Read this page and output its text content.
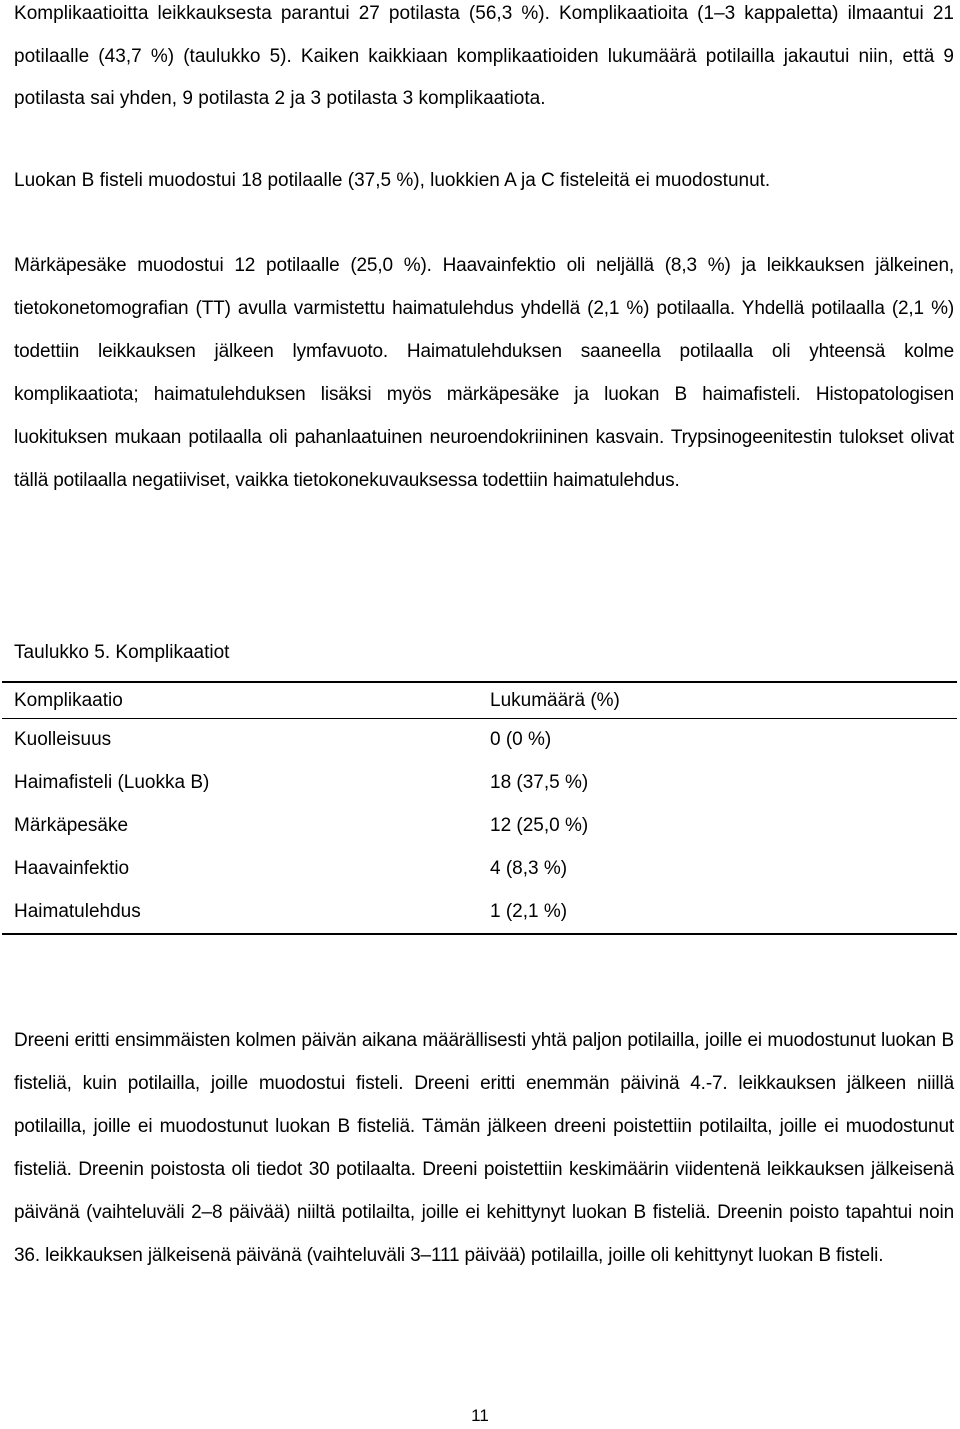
Komplikaatioitta leikkauksesta parantui 27 potilasta (56,3 %). Komplikaatioita (1–3 kappaletta) ilmaantui 21 potilaalle (43,7 %) (taulukko 5). Kaiken kaikkiaan komplikaatioiden lukumäärä potilailla jakautui niin, että 9 potilasta sai yhden, 9 potilasta 2 ja 3 potilasta 3 komplikaatiota.

Luokan B fisteli muodostui 18 potilaalle (37,5 %), luokkien A ja C fisteleitä ei muodostunut.

Märkäpesäke muodostui 12 potilaalle (25,0 %). Haavainfektio oli neljällä (8,3 %) ja leikkauksen jälkeinen, tietokonetomografian (TT) avulla varmistettu haimatulehdus yhdellä (2,1 %) potilaalla. Yhdellä potilaalla (2,1 %) todettiin leikkauksen jälkeen lymfavuoto. Haimatulehduksen saaneella potilaalla oli yhteensä kolme komplikaatiota; haimatulehduksen lisäksi myös märkäpesäke ja luokan B haimafisteli. Histopatologisen luokituksen mukaan potilaalla oli pahanlaatuinen neuroendokriininen kasvain. Trypsinogeenitestin tulokset olivat tällä potilaalla negatiiviset, vaikka tietokonekuvauksessa todettiin haimatulehdus.

Taulukko 5. Komplikaatiot

Komplikaatio	Lukumäärä (%)
Kuolleisuus	0 (0 %)
Haimafisteli (Luokka B)	18 (37,5 %)
Märkäpesäke	12 (25,0 %)
Haavainfektio	4 (8,3 %)
Haimatulehdus	1 (2,1 %)

Dreeni eritti ensimmäisten kolmen päivän aikana määrällisesti yhtä paljon potilailla, joille ei muodostunut luokan B fisteliä, kuin potilailla, joille muodostui fisteli. Dreeni eritti enemmän päivinä 4.-7. leikkauksen jälkeen niillä potilailla, joille ei muodostunut luokan B fisteliä. Tämän jälkeen dreeni poistettiin potilailta, joille ei muodostunut fisteliä. Dreenin poistosta oli tiedot 30 potilaalta. Dreeni poistettiin keskimäärin viidentenä leikkauksen jälkeisenä päivänä (vaihteluväli 2–8 päivää) niiltä potilailta, joille ei kehittynyt luokan B fisteliä. Dreenin poisto tapahtui noin 36. leikkauksen jälkeisenä päivänä (vaihteluväli 3–111 päivää) potilailla, joille oli kehittynyt luokan B fisteli.

11
